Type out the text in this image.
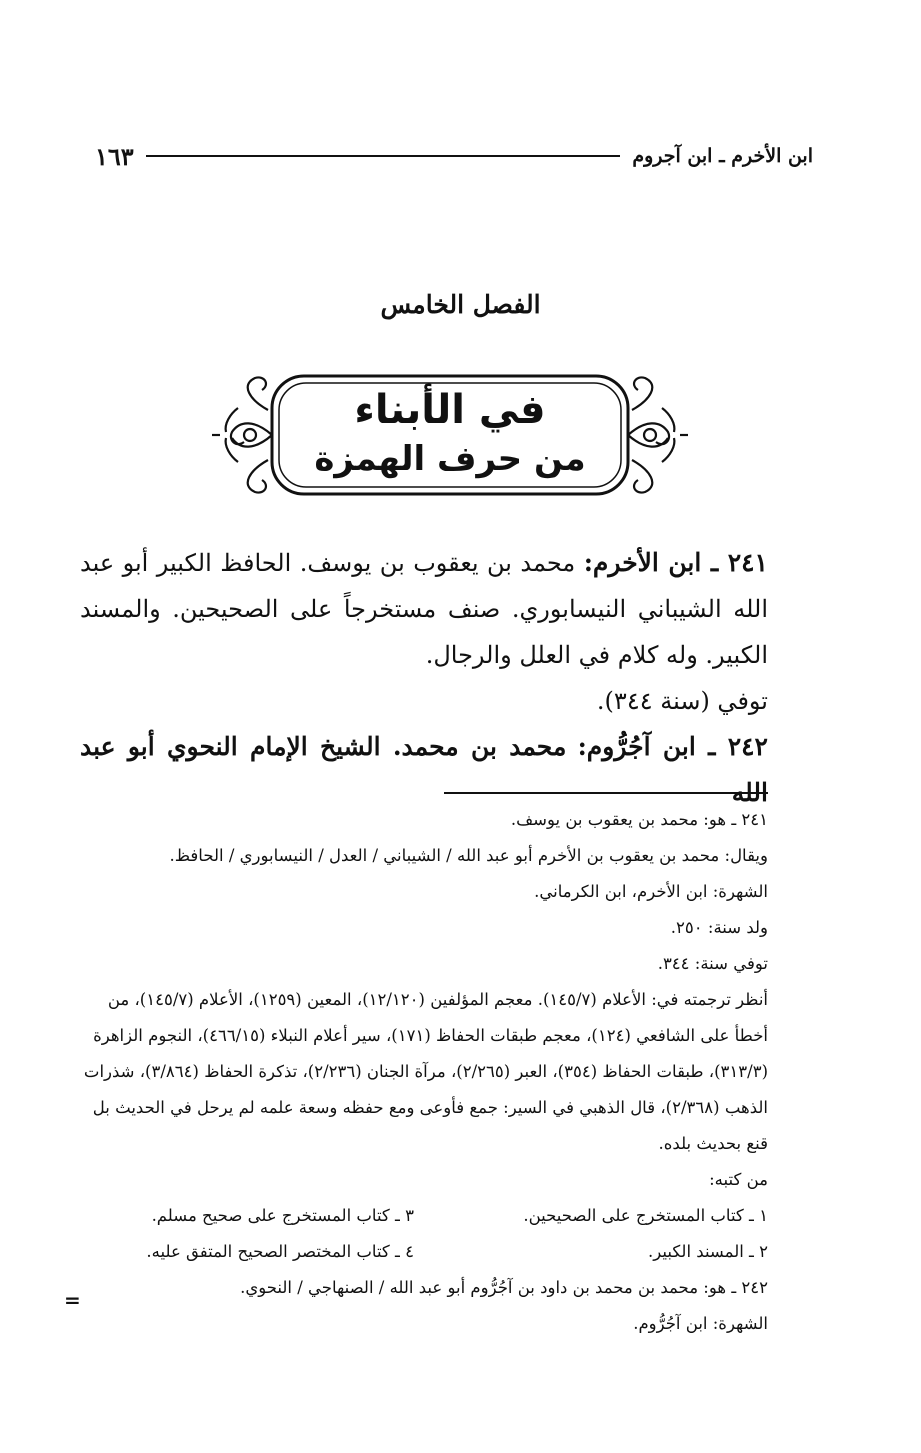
ابن الأخرم ـ ابن آجروم
١٦٣
الفصل الخامس
في الأبناء
من حرف الهمزة

٢٤١ ـ ابن الأخرم: محمد بن يعقوب بن يوسف. الحافظ الكبير أبو عبد الله الشيباني النيسابوري. صنف مستخرجاً على الصحيحين. والمسند الكبير. وله كلام في العلل والرجال.

توفي (سنة ٣٤٤).

٢٤٢ ـ ابن آجُرُّوم: محمد بن محمد. الشيخ الإمام النحوي أبو عبد الله

٢٤١ ـ هو: محمد بن يعقوب بن يوسف.

ويقال: محمد بن يعقوب بن الأخرم أبو عبد الله / الشيباني / العدل / النيسابوري / الحافظ.

الشهرة: ابن الأخرم، ابن الكرماني.

ولد سنة: ٢٥٠.

توفي سنة: ٣٤٤.

أنظر ترجمته في: الأعلام (١٤٥/٧). معجم المؤلفين (١٢/١٢٠)، المعين (١٢٥٩)، الأعلام (١٤٥/٧)، من أخطأ على الشافعي (١٢٤)، معجم طبقات الحفاظ (١٧١)، سير أعلام النبلاء (٤٦٦/١٥)، النجوم الزاهرة (٣١٣/٣)، طبقات الحفاظ (٣٥٤)، العبر (٢/٢٦٥)، مرآة الجنان (٢/٢٣٦)، تذكرة الحفاظ (٣/٨٦٤)، شذرات الذهب (٢/٣٦٨)، قال الذهبي في السير: جمع فأوعى ومع حفظه وسعة علمه لم يرحل في الحديث بل قنع بحديث بلده.

من كتبه:

١ ـ كتاب المستخرج على الصحيحين.
٣ ـ كتاب المستخرج على صحيح مسلم.
٢ ـ المسند الكبير.
٤ ـ كتاب المختصر الصحيح المتفق عليه.

٢٤٢ ـ هو: محمد بن محمد بن داود بن آجُرُّوم أبو عبد الله / الصنهاجي / النحوي.

الشهرة: ابن آجُرُّوم.

=
